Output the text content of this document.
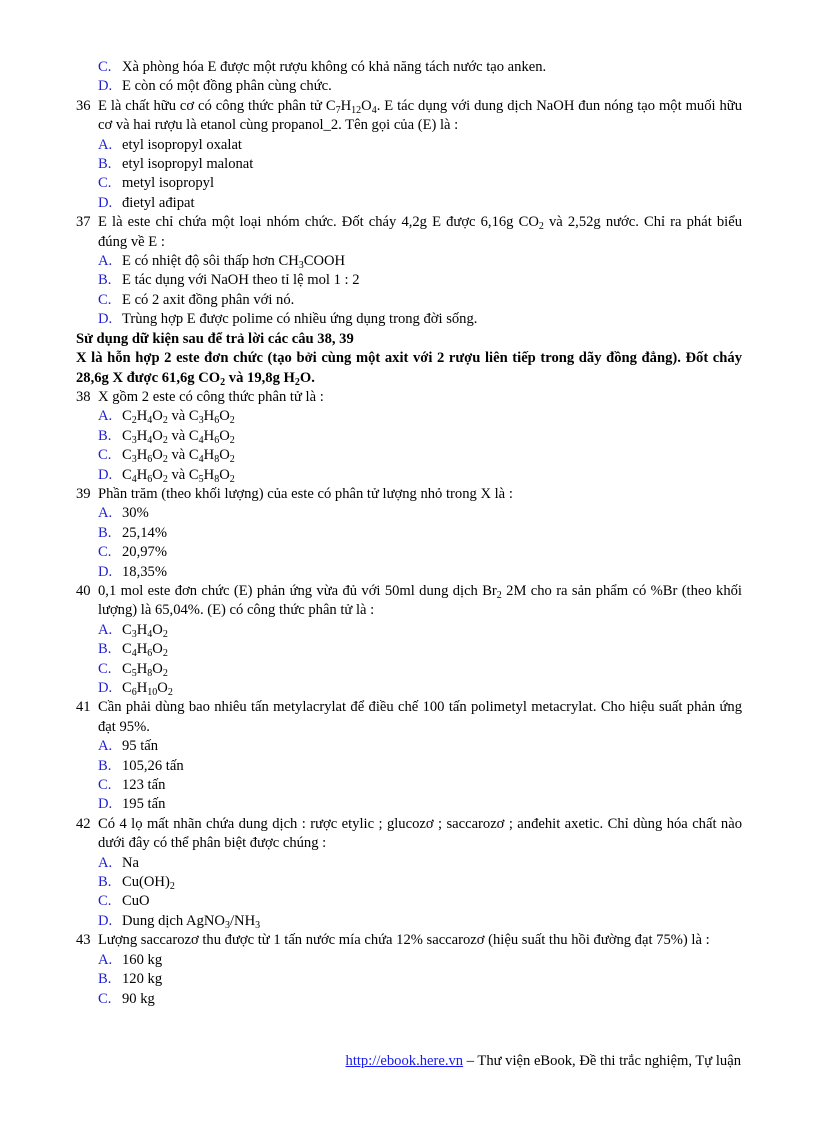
C. Xà phòng hóa E được một rượu không có khả năng tách nước tạo anken.
D. E còn có một đồng phân cùng chức.
36 E là chất hữu cơ có công thức phân tử $C_7H_{12}O_4$. E tác dụng với dung dịch NaOH đun nóng tạo một muối hữu cơ và hai rượu là etanol cùng propanol_2. Tên gọi của (E) là :
A. etyl isopropyl oxalat
B. etyl isopropyl malonat
C. metyl isopropyl
D. đietyl ađipat
37 E là este chỉ chứa một loại nhóm chức. Đốt cháy 4,2g E được 6,16g $CO_2$ và 2,52g nước. Chỉ ra phát biểu đúng về E :
A. E có nhiệt độ sôi thấp hơn $CH_3COOH$
B. E tác dụng với NaOH theo tỉ lệ mol 1 : 2
C. E có 2 axit đồng phân với nó.
D. Trùng hợp E được polime có nhiều ứng dụng trong đời sống.
Sử dụng dữ kiện sau để trả lời các câu 38, 39
X là hỗn hợp 2 este đơn chức (tạo bởi cùng một axit với 2 rượu liên tiếp trong dãy đồng đẳng). Đốt cháy 28,6g X được 61,6g $CO_2$ và 19,8g $H_2O$.
38 X gồm 2 este có công thức phân tử là :
A. $C_2H_4O_2$ và $C_3H_6O_2$
B. $C_3H_4O_2$ và $C_4H_6O_2$
C. $C_3H_6O_2$ và $C_4H_8O_2$
D. $C_4H_6O_2$ và $C_5H_8O_2$
39 Phần trăm (theo khối lượng) của este có phân tử lượng nhỏ trong X là :
A. 30%
B. 25,14%
C. 20,97%
D. 18,35%
40 0,1 mol este đơn chức (E) phản ứng vừa đủ với 50ml dung dịch $Br_2$ 2M cho ra sản phẩm có %Br (theo khối lượng) là 65,04%. (E) có công thức phân tử là :
A. $C_3H_4O_2$
B. $C_4H_6O_2$
C. $C_5H_8O_2$
D. $C_6H_{10}O_2$
41 Cần phải dùng bao nhiêu tấn metylacrylat để điều chế 100 tấn polimetyl metacrylat. Cho hiệu suất phản ứng đạt 95%.
A. 95 tấn
B. 105,26 tấn
C. 123 tấn
D. 195 tấn
42 Có 4 lọ mất nhãn chứa dung dịch : rược etylic ; glucozơ ; saccarozơ ; anđehit axetic. Chỉ dùng hóa chất nào dưới đây có thể phân biệt được chúng :
A. Na
B. $Cu(OH)_2$
C. CuO
D. Dung dịch $AgNO_3/NH_3$
43 Lượng saccarozơ thu được từ 1 tấn nước mía chứa 12% saccarozơ (hiệu suất thu hồi đường đạt 75%) là :
A. 160 kg
B. 120 kg
C. 90 kg
http://ebook.here.vn – Thư viện eBook, Đề thi trắc nghiệm, Tự luận
